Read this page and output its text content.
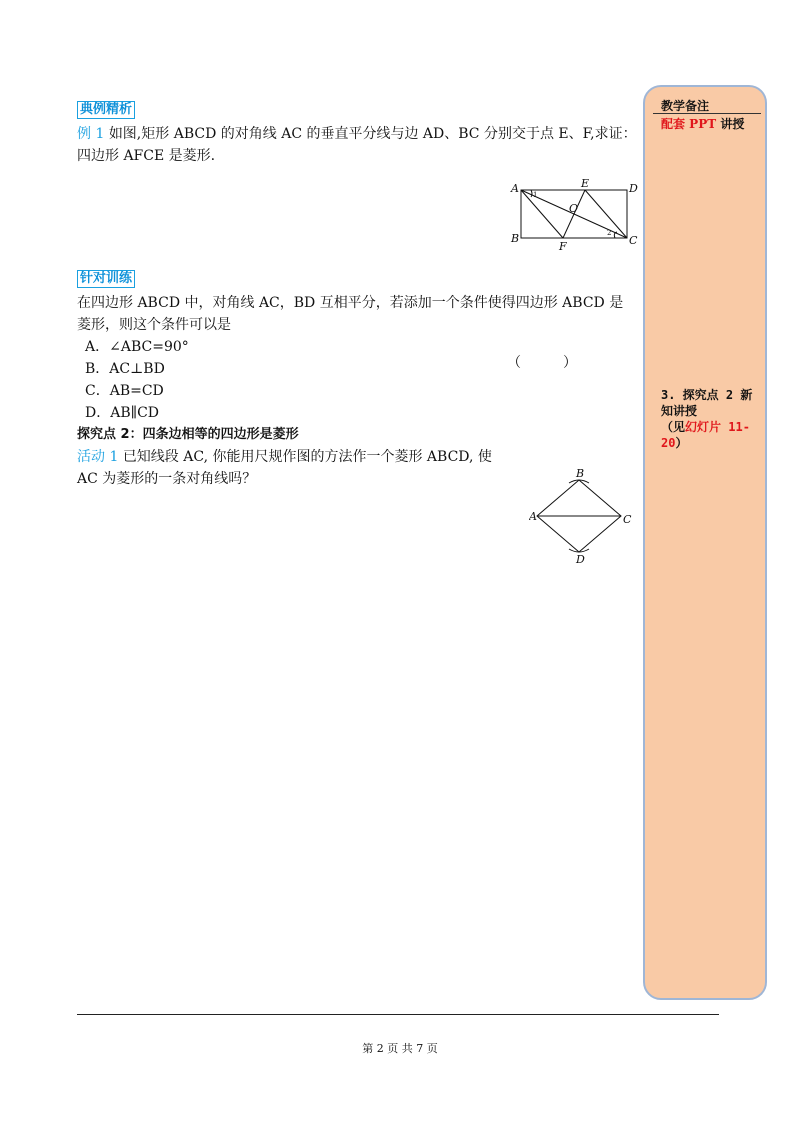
典例精析

例 1 如图,矩形 ABCD 的对角线 AC 的垂直平分线与边 AD、BC 分别交于点 E、F,求证：四边形 AFCE 是菱形.

A	E	D
O
B
F	C
1
2
针对训练

在四边形 ABCD 中，对角线 AC，BD 互相平分，若添加一个条件使得四边形 ABCD 是菱形，则这个条件可以是

（　　　）

A．∠ABC=90°

B．AC⊥BD

C．AB=CD

D．AB∥CD

探究点 2：四条边相等的四边形是菱形

活动 1 已知线段 AC, 你能用尺规作图的方法作一个菱形 ABCD, 使 AC 为菱形的一条对角线吗？	B
A	C
D
教学备注
配套 PPT 讲授
3. 探究点 2 新知讲授
（见幻灯片 11-20）
第 2 页 共 7 页
